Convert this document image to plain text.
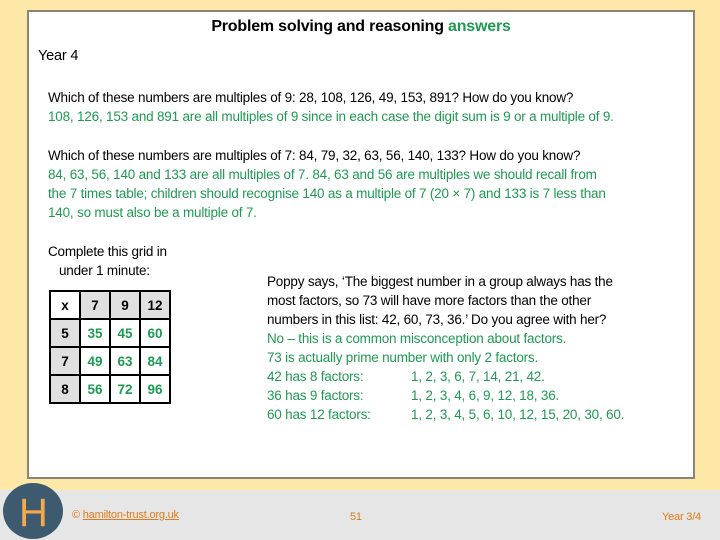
Problem solving and reasoning answers
Year 4
Which of these numbers are multiples of 9: 28, 108, 126, 49, 153, 891? How do you know?
108, 126, 153 and 891 are all multiples of 9 since in each case the digit sum is 9 or a multiple of 9.
Which of these numbers are multiples of 7: 84, 79, 32, 63, 56, 140, 133? How do you know?
84, 63, 56, 140 and 133 are all multiples of 7. 84, 63 and 56 are multiples we should recall from
the 7 times table; children should recognise 140 as a multiple of 7 (20 × 7) and 133 is 7 less than
140, so must also be a multiple of 7.
Complete this grid in
under 1 minute:
x	7	9	12
5	35	45	60
7	49	63	84
8	56	72	96
Poppy says, ‘The biggest number in a group always has the
most factors, so 73 will have more factors than the other
numbers in this list: 42, 60, 73, 36.’ Do you agree with her?
No – this is a common misconception about factors.
73 is actually prime number with only 2 factors.
42 has 8 factors:	1, 2, 3, 6, 7, 14, 21, 42.
36 has 9 factors:	1, 2, 3, 4, 6, 9, 12, 18, 36.
60 has 12 factors:	1, 2, 3, 4, 5, 6, 10, 12, 15, 20, 30, 60.
© hamilton-trust.org.uk	51	Year 3/4
H
